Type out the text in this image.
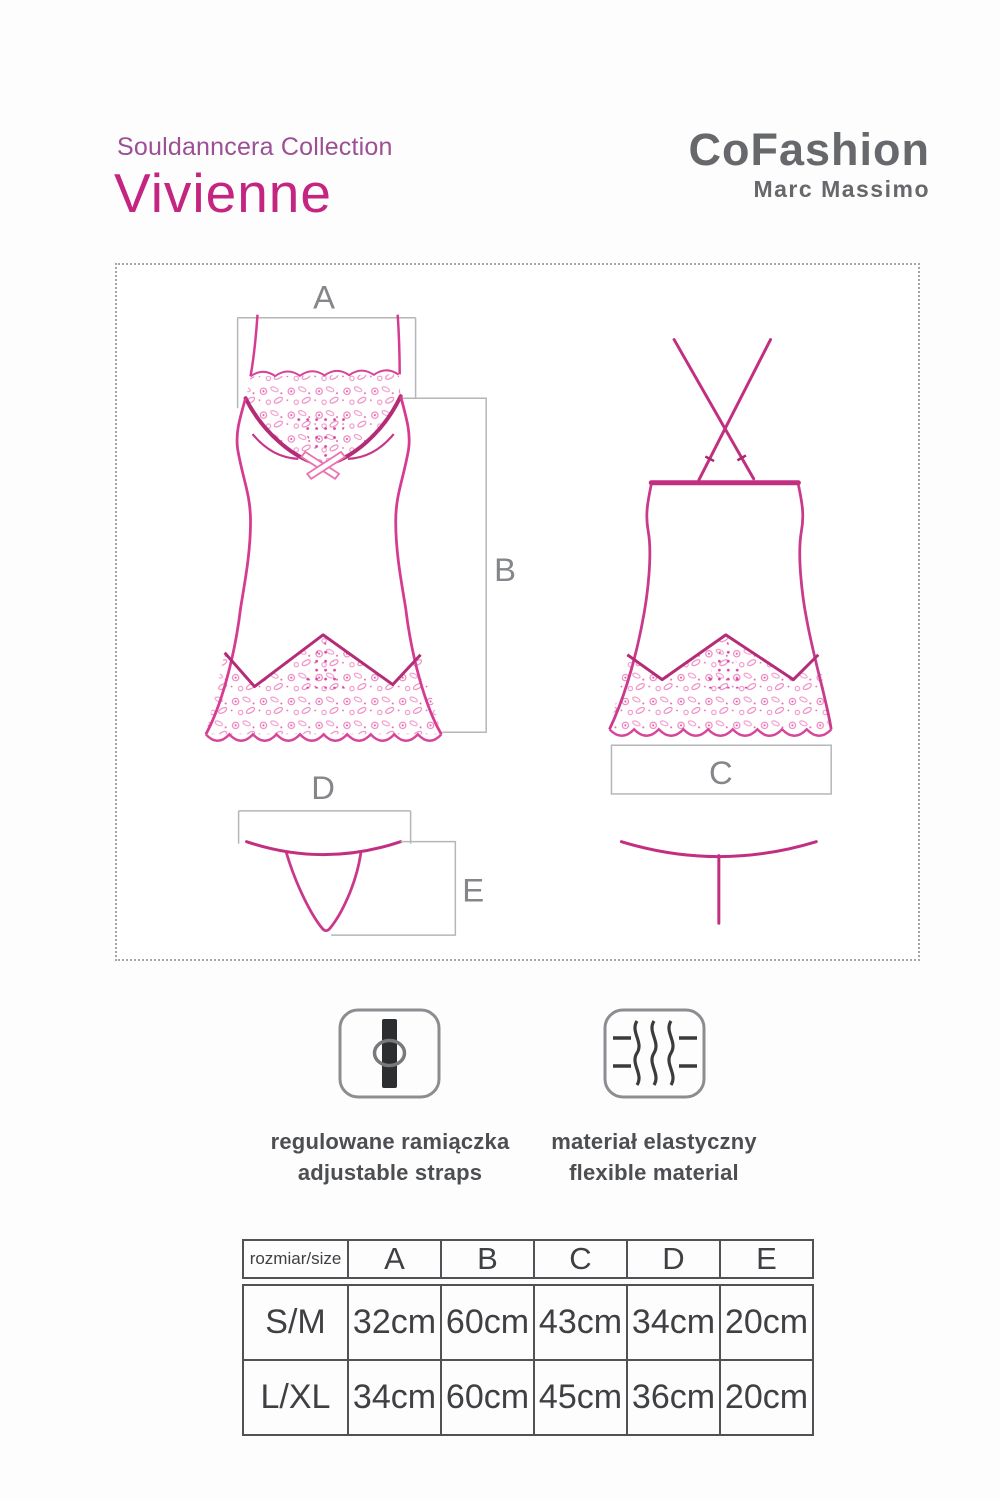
Souldanncera Collection
Vivienne
CoFashion
Marc Massimo
A
B
C
D
E
regulowane ramiączka
adjustable straps
materiał elastyczny
flexible material
rozmiar/size	A	B	C	D	E
S/M	32cm	60cm	43cm	34cm	20cm
L/XL	34cm	60cm	45cm	36cm	20cm
